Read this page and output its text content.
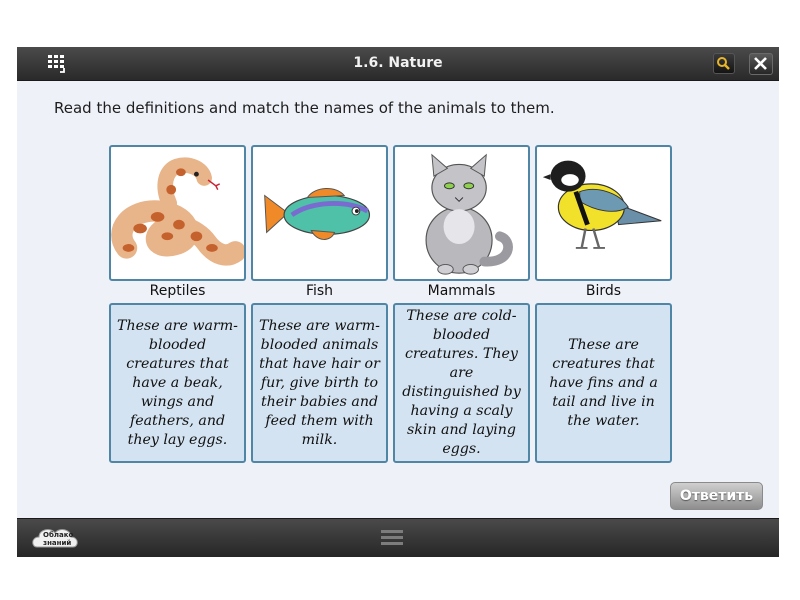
1.6. Nature
Read the definitions and match the names of the animals to them.
Reptiles	Fish	Mammals	Birds
These are warm-blooded creatures that have a beak, wings and feathers, and they lay eggs.
These are warm-blooded animals that have hair or fur, give birth to their babies and feed them with milk.
These are cold-blooded creatures. They are distinguished by having a scaly skin and laying eggs.
These are creatures that have fins and a tail and live in the water.
Ответить
Облако
знаний
